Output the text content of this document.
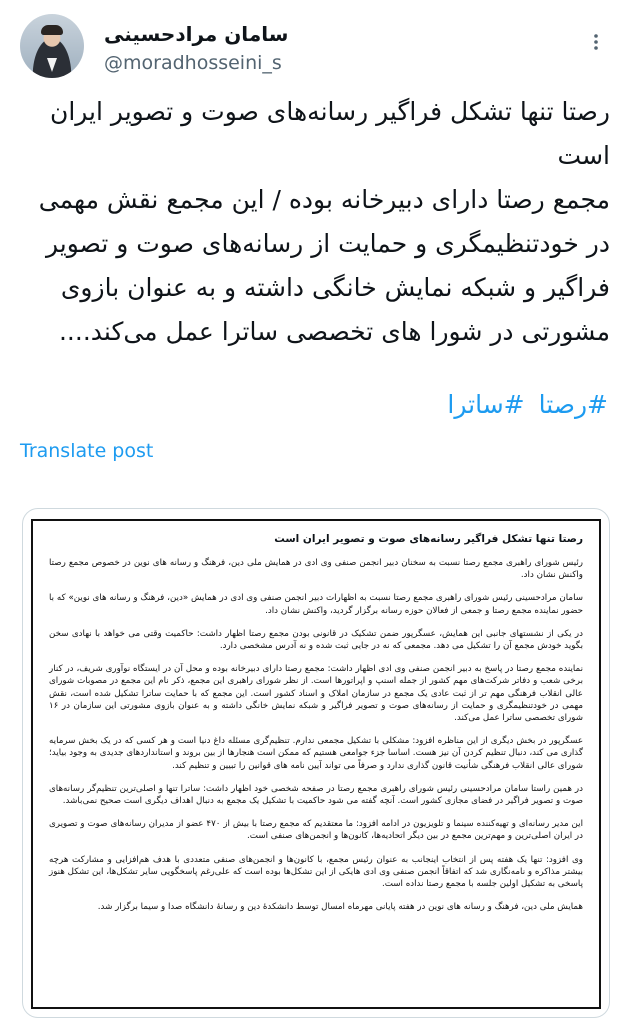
سامان مرادحسینی
@moradhosseini_s

رصتا تنها تشکل فراگیر رسانه‌های صوت و تصویر ایران است

مجمع رصتا دارای دبیرخانه بوده / این مجمع نقش مهمی در خودتنظیمگری و حمایت از رسانه‌های صوت و تصویر فراگیر و شبکه نمایش خانگی داشته و به عنوان بازوی مشورتی در شورا های تخصصی ساترا عمل می‌کند....

#رصتا #ساترا
Translate post
رصتا تنها تشکل فراگیر رسانه‌های صوت و تصویر ایران است

رئیس شورای راهبری مجمع رصتا نسبت به سخنان دبیر انجمن صنفی وی ادی در همایش ملی دین، فرهنگ و رسانه های نوین در خصوص مجمع رصتا واکنش نشان داد.

سامان مرادحسینی رئیس شورای راهبری مجمع رصتا نسبت به اظهارات دبیر انجمن صنفی وی ادی در همایش «دین، فرهنگ و رسانه های نوین» که با حضور نماینده مجمع رصتا و جمعی از فعالان حوزه رسانه برگزار گردید، واکنش نشان داد.

در یکی از نشستهای جانبی این همایش، عسگرپور ضمن تشکیک در قانونی بودن مجمع رصتا اظهار داشت: حاکمیت وقتی می خواهد با نهادی سخن بگوید خودش مجمع آن را تشکیل می دهد. مجمعی که نه در جایی ثبت شده و نه آدرس مشخصی دارد.

نماینده مجمع رصتا در پاسخ به دبیر انجمن صنفی وی ادی اظهار داشت: مجمع رصتا دارای دبیرخانه بوده و محل آن در ایستگاه نوآوری شریف، در کنار برخی شعب و دفاتر شرکت‌های مهم کشور از جمله اسنپ و اپراتورها است. از نظر شورای راهبری این مجمع، ذکر نام این مجمع در مصوبات شورای عالی انقلاب فرهنگی مهم تر از ثبت عادی یک مجمع در سازمان املاک و اسناد کشور است. این مجمع که با حمایت ساترا تشکیل شده است، نقش مهمی در خودتنظیمگری و حمایت از رسانه‌های صوت و تصویر فراگیر و شبکه نمایش خانگی داشته و به عنوان بازوی مشورتی این سازمان در ۱۶ شورای تخصصی ساترا عمل می‌کند.

عسگرپور در بخش دیگری از این مناظره افزود: مشکلی با تشکیل مجمعی ندارم. تنظیم‌گری مسئله داغ دنیا است و هر کسی که در یک بخش سرمایه گذاری می کند، دنبال تنظیم کردن آن نیز هست. اساسا جزء جوامعی هستیم که ممکن است هنجارها از بین بروند و استانداردهای جدیدی به وجود بیاید؛ شورای عالی انقلاب فرهنگی شأنیت قانون گذاری ندارد و صرفاً می تواند آیین نامه های قوانین را تبیین و تنظیم کند.

در همین راستا سامان مرادحسینی رئیس شورای راهبری مجمع رصتا در صفحه شخصی خود اظهار داشت: ساترا تنها و اصلی‌ترین تنظیم‌گر رسانه‌های صوت و تصویر فراگیر در فضای مجازی کشور است. آنچه گفته می شود حاکمیت با تشکیل یک مجمع به دنبال اهداف دیگری است صحیح نمی‌باشد.

این مدیر رسانه‌ای و تهیه‌کننده سینما و تلویزیون در ادامه افزود: ما معتقدیم که مجمع رصتا با بیش از ۴۷۰ عضو از مدیران رسانه‌های صوت و تصویری در ایران اصلی‌ترین و مهم‌ترین مجمع در بین دیگر اتحادیه‌ها، کانون‌ها و انجمن‌های صنفی است.

وی افزود: تنها یک هفته پس از انتخاب اینجانب به عنوان رئیس مجمع، با کانون‌ها و انجمن‌های صنفی متعددی با هدف هم‌افزایی و مشارکت هرچه بیشتر مذاکره و نامه‌نگاری شد که اتفاقاً انجمن صنفی وی ادی هایکی از این تشکل‌ها بوده است که علی‌رغم پاسخگویی سایر تشکل‌ها، این تشکل هنوز پاسخی به تشکیل اولین جلسه با مجمع رصتا نداده است.

همایش ملی دین، فرهنگ و رسانه های نوین در هفته پایانی مهرماه امسال توسط دانشکدهٔ دین و رسانهٔ دانشگاه صدا و سیما برگزار شد.
